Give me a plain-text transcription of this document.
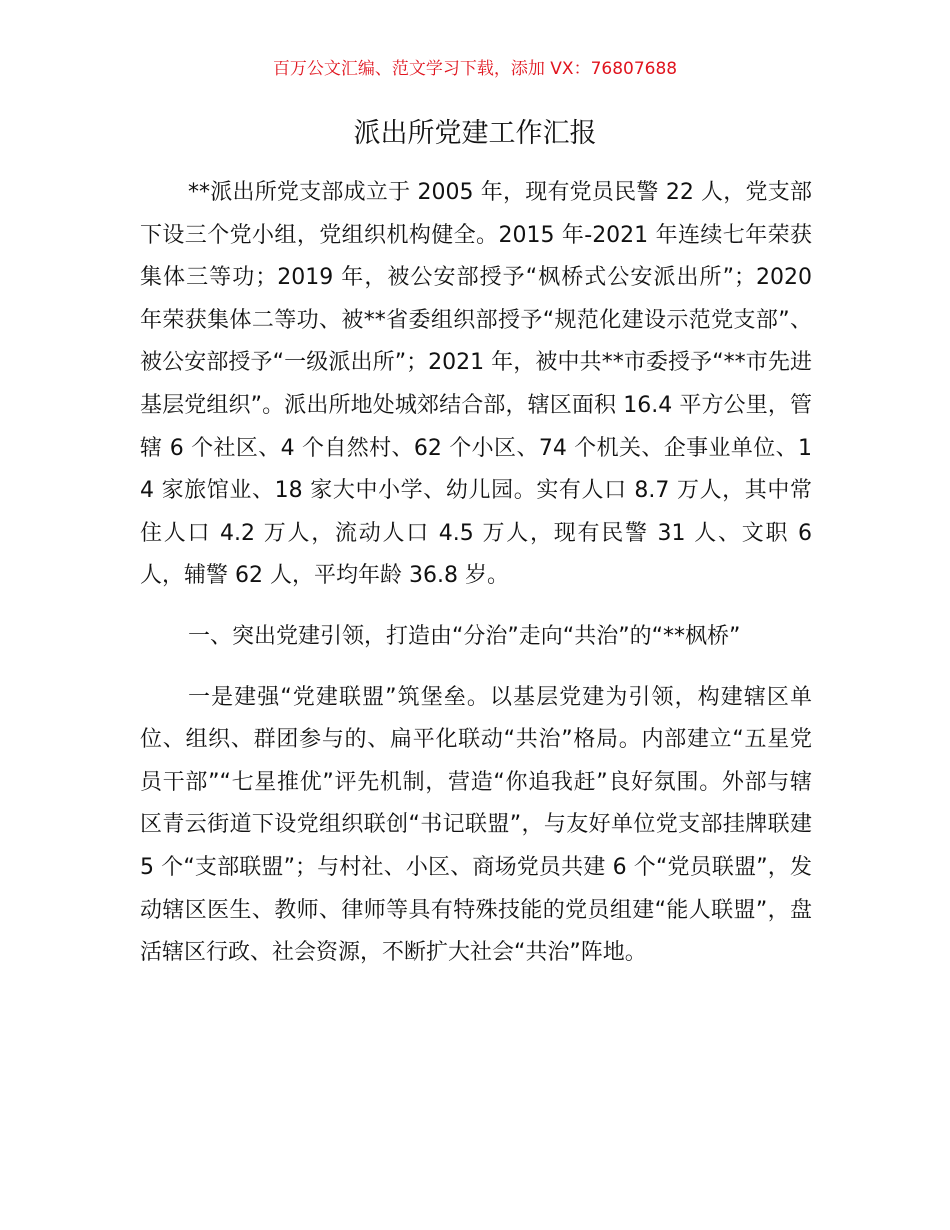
百万公文汇编、范文学习下载，添加 VX：76807688
派出所党建工作汇报

**派出所党支部成立于 2005 年，现有党员民警 22 人，党支部下设三个党小组，党组织机构健全。2015 年-2021 年连续七年荣获集体三等功；2019 年，被公安部授予“枫桥式公安派出所”；2020 年荣获集体二等功、被**省委组织部授予“规范化建设示范党支部”、被公安部授予“一级派出所”；2021 年，被中共**市委授予“**市先进基层党组织”。派出所地处城郊结合部，辖区面积 16.4 平方公里，管辖 6 个社区、4 个自然村、62 个小区、74 个机关、企事业单位、14 家旅馆业、18 家大中小学、幼儿园。实有人口 8.7 万人，其中常住人口 4.2 万人，流动人口 4.5 万人，现有民警 31 人、文职 6 人，辅警 62 人，平均年龄 36.8 岁。

一、突出党建引领，打造由“分治”走向“共治”的“**枫桥”

一是建强“党建联盟”筑堡垒。以基层党建为引领，构建辖区单位、组织、群团参与的、扁平化联动“共治”格局。内部建立“五星党员干部”“七星推优”评先机制，营造“你追我赶”良好氛围。外部与辖区青云街道下设党组织联创“书记联盟”，与友好单位党支部挂牌联建 5 个“支部联盟”；与村社、小区、商场党员共建 6 个“党员联盟”，发动辖区医生、教师、律师等具有特殊技能的党员组建“能人联盟”，盘活辖区行政、社会资源，不断扩大社会“共治”阵地。
